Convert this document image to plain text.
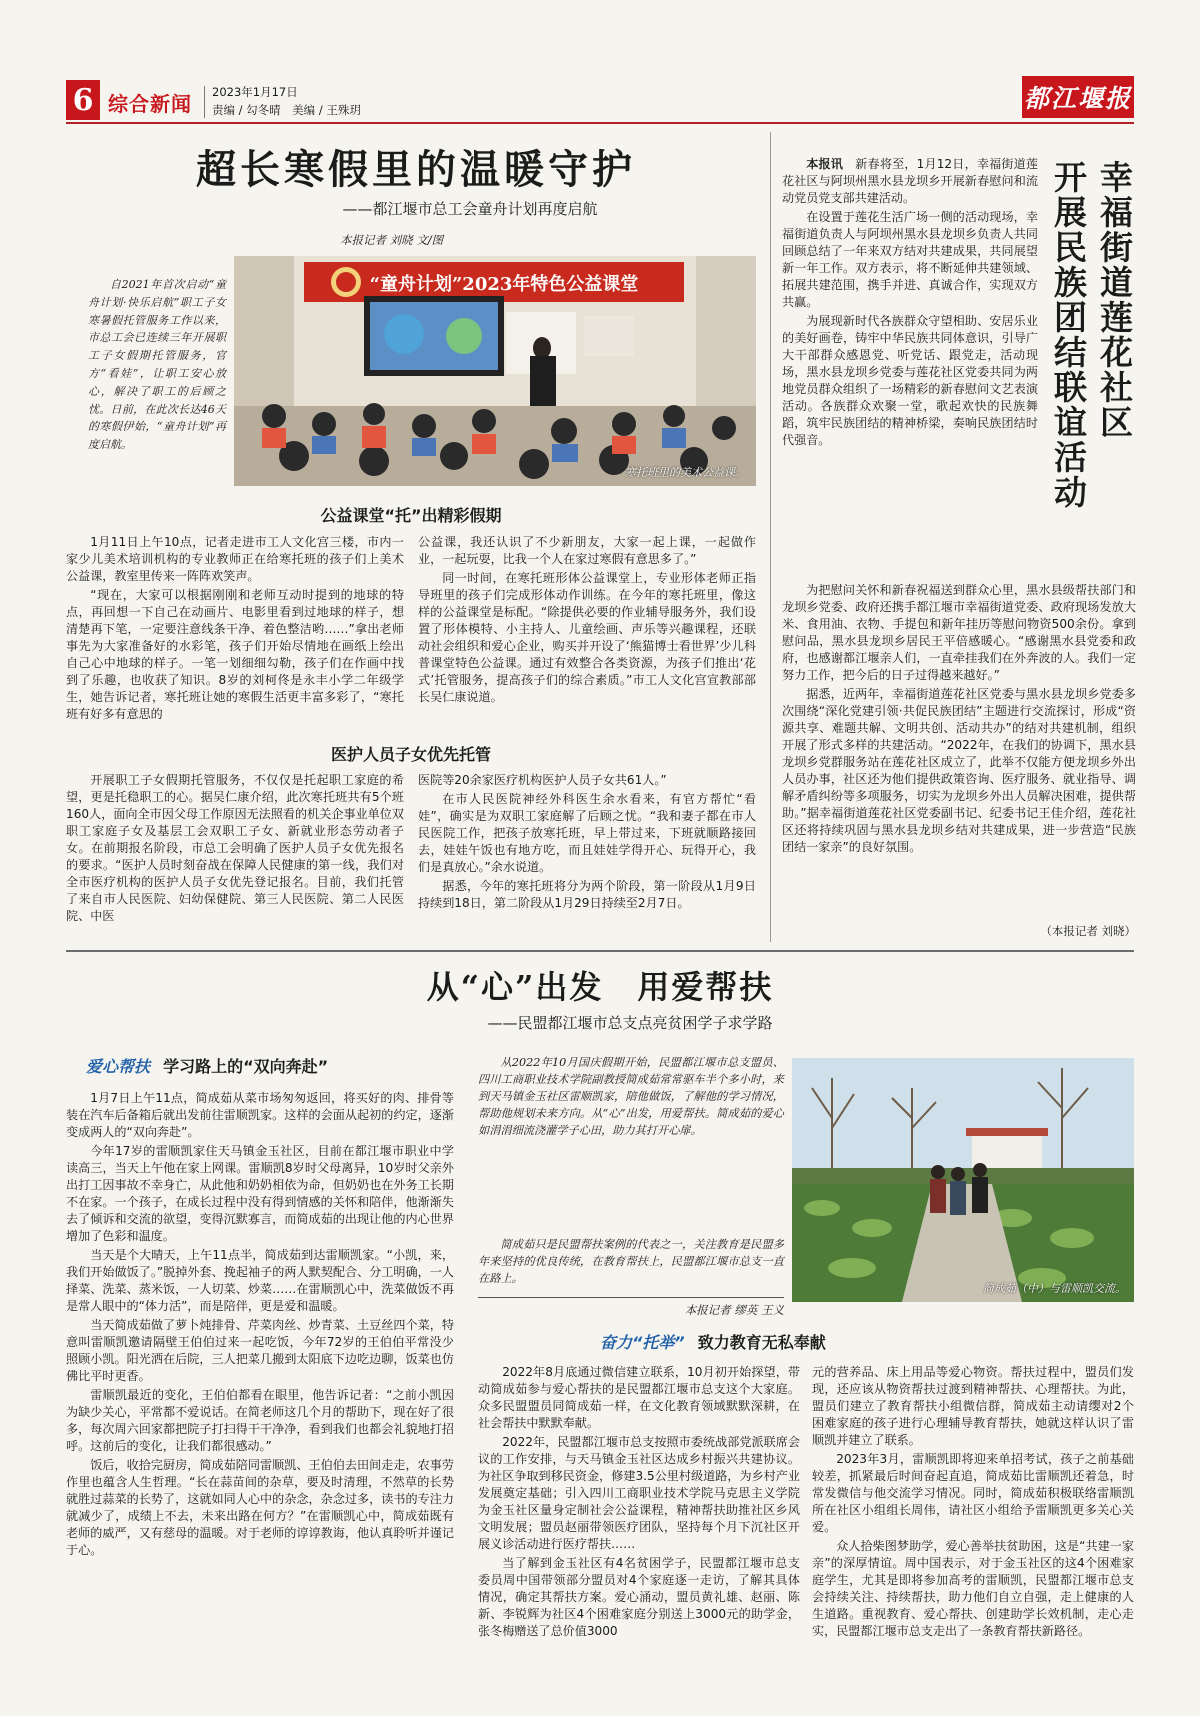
6 综合新闻 2023年1月17日
责编 / 勾冬晴　美编 / 王殊玥	都江堰报
超长寒假里的温暖守护
——都江堰市总工会童舟计划再度启航
本报记者 刘晓 文/图
自2021年首次启动“童舟计划·快乐启航”职工子女寒暑假托管服务工作以来，市总工会已连续三年开展职工子女假期托管服务，官方“看娃”，让职工安心放心，解决了职工的后顾之忧。日前，在此次长达46天的寒假伊始，“童舟计划”再度启航。
“童舟计划”2023年特色公益课堂
寒托班里的美术公益课。
公益课堂“托”出精彩假期

1月11日上午10点，记者走进市工人文化宫三楼，市内一家少儿美术培训机构的专业教师正在给寒托班的孩子们上美术公益课，教室里传来一阵阵欢笑声。

“现在，大家可以根据刚刚和老师互动时提到的地球的特点，再回想一下自己在动画片、电影里看到过地球的样子，想清楚再下笔，一定要注意线条干净、着色整洁哟……”拿出老师事先为大家准备好的水彩笔，孩子们开始尽情地在画纸上绘出自己心中地球的样子。一笔一划细细勾勒，孩子们在作画中找到了乐趣，也收获了知识。8岁的刘柯佟是永丰小学二年级学生，她告诉记者，寒托班让她的寒假生活更丰富多彩了，“寒托班有好多有意思的

公益课，我还认识了不少新朋友，大家一起上课，一起做作业，一起玩耍，比我一个人在家过寒假有意思多了。”

同一时间，在寒托班形体公益课堂上，专业形体老师正指导班里的孩子们完成形体动作训练。在今年的寒托班里，像这样的公益课堂是标配。“除提供必要的作业辅导服务外，我们设置了形体模特、小主持人、儿童绘画、声乐等兴趣课程，还联动社会组织和爱心企业，购买并开设了‘熊猫博士看世界’少儿科普课堂特色公益课。通过有效整合各类资源，为孩子们推出‘花式’托管服务，提高孩子们的综合素质。”市工人文化宫宣教部部长吴仁康说道。

医护人员子女优先托管

开展职工子女假期托管服务，不仅仅是托起职工家庭的希望，更是托稳职工的心。据吴仁康介绍，此次寒托班共有5个班160人，面向全市因父母工作原因无法照看的机关企事业单位双职工家庭子女及基层工会双职工子女、新就业形态劳动者子女。在前期报名阶段，市总工会明确了医护人员子女优先报名的要求。“医护人员时刻奋战在保障人民健康的第一线，我们对全市医疗机构的医护人员子女优先登记报名。目前，我们托管了来自市人民医院、妇幼保健院、第三人民医院、第二人民医院、中医

医院等20余家医疗机构医护人员子女共61人。”

在市人民医院神经外科医生余水看来，有官方帮忙“看娃”，确实是为双职工家庭解了后顾之忧。“我和妻子都在市人民医院工作，把孩子放寒托班，早上带过来，下班就顺路接回去，娃娃午饭也有地方吃，而且娃娃学得开心、玩得开心，我们是真放心。”余水说道。

据悉，今年的寒托班将分为两个阶段，第一阶段从1月9日持续到18日，第二阶段从1月29日持续至2月7日。

幸福街道莲花社区
开展民族团结联谊活动

本报讯　 新春将至，1月12日，幸福街道莲花社区与阿坝州黑水县龙坝乡开展新春慰问和流动党员党支部共建活动。

在设置于莲花生活广场一侧的活动现场，幸福街道负责人与阿坝州黑水县龙坝乡负责人共同回顾总结了一年来双方结对共建成果，共同展望新一年工作。双方表示，将不断延伸共建领域、拓展共建范围，携手并进、真诚合作，实现双方共赢。

为展现新时代各族群众守望相助、安居乐业的美好画卷，铸牢中华民族共同体意识，引导广大干部群众感恩党、听党话、跟党走，活动现场，黑水县龙坝乡党委与莲花社区党委共同为两地党员群众组织了一场精彩的新春慰问文艺表演活动。各族群众欢聚一堂，歌起欢快的民族舞蹈，筑牢民族团结的精神桥梁，奏响民族团结时代强音。

为把慰问关怀和新春祝福送到群众心里，黑水县级帮扶部门和龙坝乡党委、政府还携手都江堰市幸福街道党委、政府现场发放大米、食用油、衣物、手提包和新年挂历等慰问物资500余份。拿到慰问品，黑水县龙坝乡居民王平倍感暖心。“感谢黑水县党委和政府，也感谢都江堰亲人们，一直牵挂我们在外奔波的人。我们一定努力工作，把今后的日子过得越来越好。”

据悉，近两年，幸福街道莲花社区党委与黑水县龙坝乡党委多次围绕“深化党建引领·共促民族团结”主题进行交流探讨，形成“资源共享、难题共解、文明共创、活动共办”的结对共建机制，组织开展了形式多样的共建活动。“2022年，在我们的协调下，黑水县龙坝乡党群服务站在莲花社区成立了，此举不仅能方便龙坝乡外出人员办事，社区还为他们提供政策咨询、医疗服务、就业指导、调解矛盾纠纷等多项服务，切实为龙坝乡外出人员解决困难，提供帮助。”据幸福街道莲花社区党委副书记、纪委书记王佳介绍，莲花社区还将持续巩固与黑水县龙坝乡结对共建成果，进一步营造“民族团结一家亲”的良好氛围。

（本报记者 刘晓）
从“心”出发　用爱帮扶
——民盟都江堰市总支点亮贫困学子求学路
爱心帮扶 学习路上的“双向奔赴”

1月7日上午11点，简成茹从菜市场匆匆返回，将买好的肉、排骨等装在汽车后备箱后就出发前往雷顺凯家。这样的会面从起初的约定，逐渐变成两人的“双向奔赴”。

今年17岁的雷顺凯家住天马镇金玉社区，目前在都江堰市职业中学读高三，当天上午他在家上网课。雷顺凯8岁时父母离异，10岁时父亲外出打工因事故不幸身亡，从此他和奶奶相依为命，但奶奶也在外务工长期不在家。一个孩子，在成长过程中没有得到情感的关怀和陪伴，他渐渐失去了倾诉和交流的欲望，变得沉默寡言，而简成茹的出现让他的内心世界增加了色彩和温度。

当天是个大晴天，上午11点半，简成茹到达雷顺凯家。“小凯，来，我们开始做饭了。”脱掉外套、挽起袖子的两人默契配合、分工明确，一人择菜、洗菜、蒸米饭，一人切菜、炒菜……在雷顺凯心中，洗菜做饭不再是常人眼中的“体力活”，而是陪伴，更是爱和温暖。

当天简成茹做了萝卜炖排骨、芹菜肉丝、炒青菜、土豆丝四个菜，特意叫雷顺凯邀请隔壁王伯伯过来一起吃饭，今年72岁的王伯伯平常没少照顾小凯。阳光洒在后院，三人把菜几搬到太阳底下边吃边聊，饭菜也仿佛比平时更香。

雷顺凯最近的变化，王伯伯都看在眼里，他告诉记者：“之前小凯因为缺少关心，平常都不爱说话。在简老师这几个月的帮助下，现在好了很多，每次周六回家都把院子打扫得干干净净，看到我们也都会礼貌地打招呼。这前后的变化，让我们都很感动。”

饭后，收拾完厨房，简成茹陪同雷顺凯、王伯伯去田间走走，农事劳作里也蕴含人生哲理。“长在蒜苗间的杂草，要及时清理，不然草的长势就胜过蒜菜的长势了，这就如同人心中的杂念，杂念过多，读书的专注力就减少了，成绩上不去，未来出路在何方？”在雷顺凯心中，简成茹既有老师的威严，又有慈母的温暖。对于老师的谆谆教诲，他认真聆听并谨记于心。

从2022年10月国庆假期开始，民盟都江堰市总支盟员、四川工商职业技术学院副教授简成茹常常驱车半个多小时，来到天马镇金玉社区雷顺凯家，陪他做饭，了解他的学习情况，帮助他规划未来方向。从“心”出发，用爱帮扶。简成茹的爱心如涓涓细流浇灌学子心田，助力其打开心扉。
简成茹只是民盟帮扶案例的代表之一，关注教育是民盟多年来坚持的优良传统，在教育帮扶上，民盟都江堰市总支一直在路上。
本报记者 缪英 王义
简成茹（中）与雷顺凯交流。
奋力“托举” 致力教育无私奉献

2022年8月底通过微信建立联系，10月初开始探望，带动简成茹参与爱心帮扶的是民盟都江堰市总支这个大家庭。众多民盟盟员同简成茹一样，在文化教育领域默默深耕，在社会帮扶中默默奉献。

2022年，民盟都江堰市总支按照市委统战部党派联席会议的工作安排，与天马镇金玉社区达成乡村振兴共建协议。为社区争取到移民资金，修建3.5公里村级道路，为乡村产业发展奠定基础；引入四川工商职业技术学院马克思主义学院为金玉社区量身定制社会公益课程，精神帮扶助推社区乡风文明发展；盟员赵丽带领医疗团队，坚持每个月下沉社区开展义诊活动进行医疗帮扶……

当了解到金玉社区有4名贫困学子，民盟都江堰市总支委员周中国带领部分盟员对4个家庭逐一走访，了解其具体情况，确定其帮扶方案。爱心涌动，盟员黄礼雄、赵丽、陈新、李锐辉为社区4个困难家庭分别送上3000元的助学金，张冬梅赠送了总价值3000

元的营养品、床上用品等爱心物资。帮扶过程中，盟员们发现，还应该从物资帮扶过渡到精神帮扶、心理帮扶。为此，盟员们建立了教育帮扶小组微信群，简成茹主动请缨对2个困难家庭的孩子进行心理辅导教育帮扶，她就这样认识了雷顺凯并建立了联系。

2023年3月，雷顺凯即将迎来单招考试，孩子之前基础较差，抓紧最后时间奋起直追，简成茹比雷顺凯还着急，时常发微信与他交流学习情况。同时，简成茹积极联络雷顺凯所在社区小组组长周伟，请社区小组给予雷顺凯更多关心关爱。

众人拾柴图梦助学，爱心善举扶贫助困，这是“共建一家亲”的深厚情谊。周中国表示，对于金玉社区的这4个困难家庭学生，尤其是即将参加高考的雷顺凯，民盟都江堰市总支会持续关注、持续帮扶，助力他们自立自强，走上健康的人生道路。重视教育、爱心帮扶、创建助学长效机制，走心走实，民盟都江堰市总支走出了一条教育帮扶新路径。
